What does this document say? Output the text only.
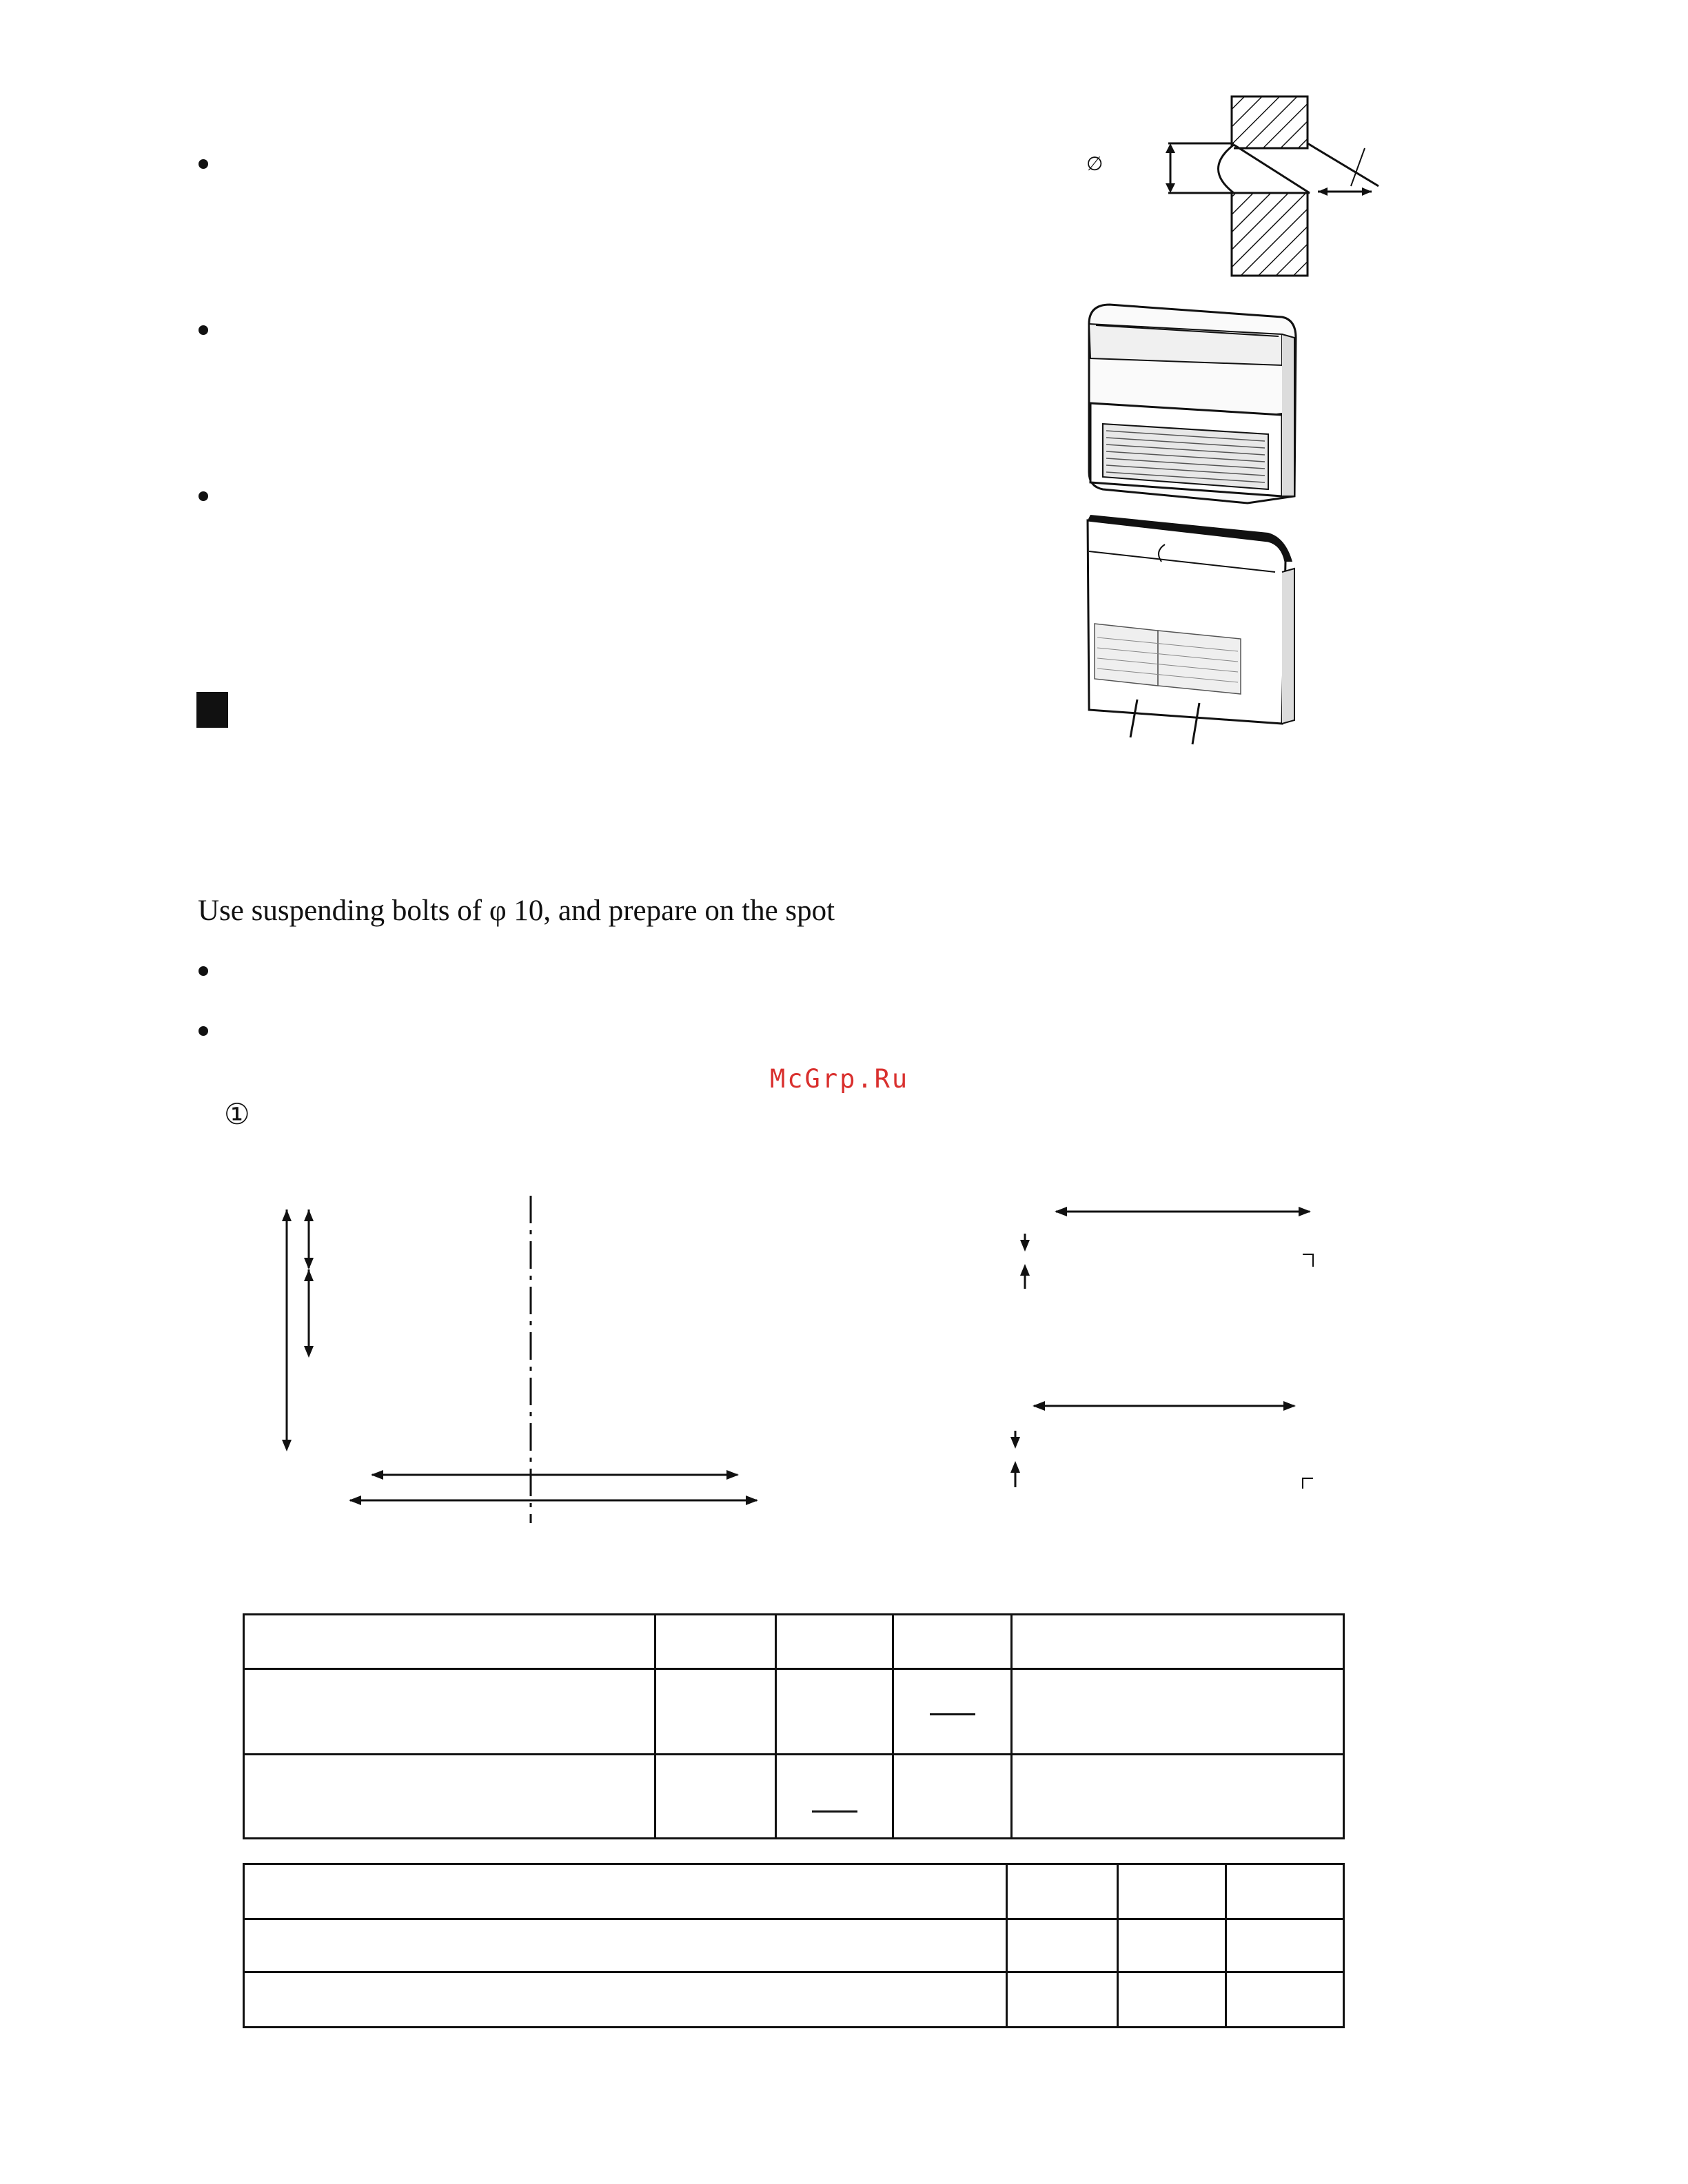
∅
Use suspending bolts of φ 10, and prepare on the spot
McGrp.Ru
①
